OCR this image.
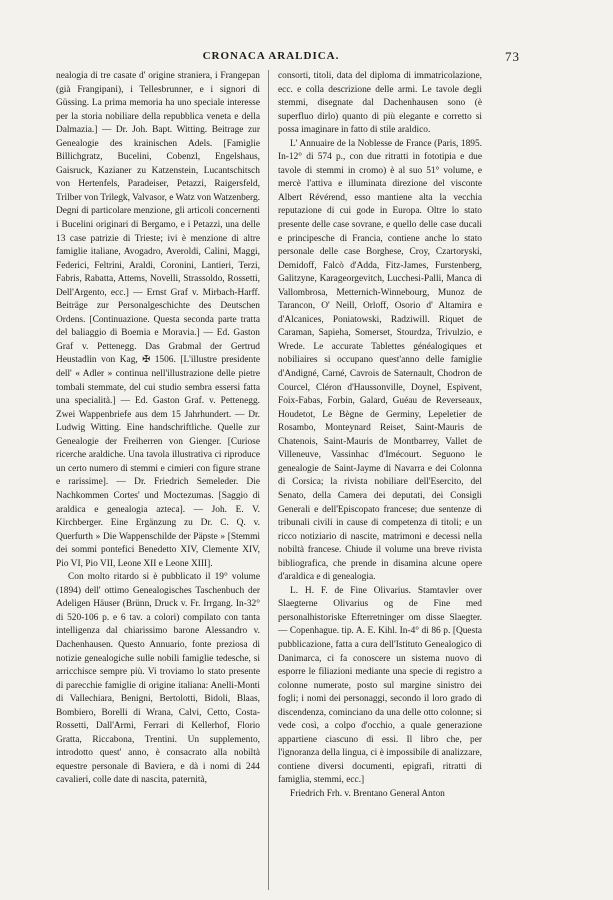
CRONACA ARALDICA.	73

nealogia di tre casate d' origine straniera, i Frangepan (già Frangipani), i Tellesbrunner, e i signori di Güssing. La prima memoria ha uno speciale interesse per la storia nobiliare della repubblica veneta e della Dalmazia.] — Dr. Joh. Bapt. Witting. Beitrage zur Genealogie des krainischen Adels. [Famiglie Billichgratz, Bucelini, Cobenzl, Engelshaus, Gaisruck, Kazianer zu Katzenstein, Lucantschitsch von Hertenfels, Paradeiser, Petazzi, Raigersfeld, Trilber von Trilegk, Valvasor, e Watz von Watzenberg. Degni di particolare menzione, gli articoli concernenti i Bucelini originari di Bergamo, e i Petazzi, una delle 13 case patrizie di Trieste; ivi è menzione di altre famiglie italiane, Avogadro, Averoldi, Calini, Maggi, Federici, Feltrini, Araldi, Coronini, Lantieri, Terzi, Fabris, Rabatta, Attems, Novelli, Strassoldo, Rossetti, Dell'Argento, ecc.] — Ernst Graf v. Mirbach-Harff. Beiträge zur Personalgeschichte des Deutschen Ordens. [Continuazione. Questa seconda parte tratta del baliaggio di Boemia e Moravia.] — Ed. Gaston Graf v. Pettenegg. Das Grabmal der Gertrud Heustadlin von Kag, ✠ 1506. [L'illustre presidente dell' « Adler » continua nell'illustrazione delle pietre tombali stemmate, del cui studio sembra essersi fatta una specialità.] — Ed. Gaston Graf. v. Pettenegg. Zwei Wappenbriefe aus dem 15 Jahrhundert. — Dr. Ludwig Witting. Eine handschriftliche. Quelle zur Genealogie der Freiherren von Gienger. [Curiose ricerche araldiche. Una tavola illustrativa ci riproduce un certo numero di stemmi e cimieri con figure strane e rarissime]. — Dr. Friedrich Semeleder. Die Nachkommen Cortes' und Moctezumas. [Saggio di araldica e genealogia azteca]. — Joh. E. V. Kirchberger. Eine Ergänzung zu Dr. C. Q. v. Querfurth » Die Wappenschilde der Päpste » [Stemmi dei sommi pontefici Benedetto XIV, Clemente XIV, Pio VI, Pio VII, Leone XII e Leone XIII].

Con molto ritardo si è pubblicato il 19° volume (1894) dell' ottimo Genealogisches Taschenbuch der Adeligen Häuser (Brünn, Druck v. Fr. Irrgang. In-32° di 520-106 p. e 6 tav. a colori) compilato con tanta intelligenza dal chiarissimo barone Alessandro v. Dachenhausen. Questo Annuario, fonte preziosa di notizie genealogiche sulle nobili famiglie tedesche, si arricchisce sempre più. Vi troviamo lo stato presente di parecchie famiglie di origine italiana: Anelli-Monti di Vallechiara, Benigni, Bertolotti, Bidoli, Blaas, Bombiero, Borelli di Wrana, Calvi, Cetto, Costa-Rossetti, Dall'Armi, Ferrari di Kellerhof, Florio Gratta, Riccabona, Trentini. Un supplemento, introdotto quest' anno, è consacrato alla nobiltà equestre personale di Baviera, e dà i nomi di 244 cavalieri, colle date di nascita, paternità,

consorti, titoli, data del diploma di immatricolazione, ecc. e colla descrizione delle armi. Le tavole degli stemmi, disegnate dal Dachenhausen sono (è superfluo dirlo) quanto di più elegante e corretto si possa imaginare in fatto di stile araldico.

L' Annuaire de la Noblesse de France (Paris, 1895. In-12° di 574 p., con due ritratti in fototipia e due tavole di stemmi in cromo) è al suo 51° volume, e mercè l'attiva e illuminata direzione del visconte Albert Révérend, esso mantiene alta la vecchia reputazione di cui gode in Europa. Oltre lo stato presente delle case sovrane, e quello delle case ducali e principesche di Francia, contiene anche lo stato personale delle case Borghese, Croy, Czartoryski, Demidoff, Falcò d'Adda, Fitz-James, Furstenberg, Galitzyne, Karageorgevitch, Lucchesi-Palli, Manca di Vallombrosa, Metternich-Winnebourg, Munoz de Tarancon, O' Neill, Orloff, Osorio d' Altamira e d'Alcanices, Poniatowski, Radziwill. Riquet de Caraman, Sapieha, Somerset, Stourdza, Trivulzio, e Wrede. Le accurate Tablettes généalogiques et nobiliaires si occupano quest'anno delle famiglie d'Andigné, Carné, Cavrois de Saternault, Chodron de Courcel, Cléron d'Haussonville, Doynel, Espivent, Foix-Fabas, Forbin, Galard, Guéau de Reverseaux, Houdetot, Le Bègne de Germiny, Lepeletier de Rosambo, Monteynard Reiset, Saint-Mauris de Chatenois, Saint-Mauris de Montbarrey, Vallet de Villeneuve, Vassinhac d'Imécourt. Seguono le genealogie de Saint-Jayme di Navarra e dei Colonna di Corsica; la rivista nobiliare dell'Esercito, del Senato, della Camera dei deputati, dei Consigli Generali e dell'Episcopato francese; due sentenze di tribunali civili in cause di competenza di titoli; e un ricco notiziario di nascite, matrimoni e decessi nella nobiltà francese. Chiude il volume una breve rivista bibliografica, che prende in disamina alcune opere d'araldica e di genealogia.

L. H. F. de Fine Olivarius. Stamtavler over Slaegterne Olivarius og de Fine med personalhistoriske Efterretninger om disse Slaegter. — Copenhague. tip. A. E. Kihl. In-4° di 86 p. [Questa pubblicazione, fatta a cura dell'Istituto Genealogico di Danimarca, ci fa conoscere un sistema nuovo di esporre le filiazioni mediante una specie di registro a colonne numerate, posto sul margine sinistro dei fogli; i nomi dei personaggi, secondo il loro grado di discendenza, cominciano da una delle otto colonne; si vede così, a colpo d'occhio, a quale generazione appartiene ciascuno di essi. Il libro che, per l'ignoranza della lingua, ci è impossibile di analizzare, contiene diversi documenti, epigrafi, ritratti di famiglia, stemmi, ecc.]

Friedrich Frh. v. Brentano General Anton
